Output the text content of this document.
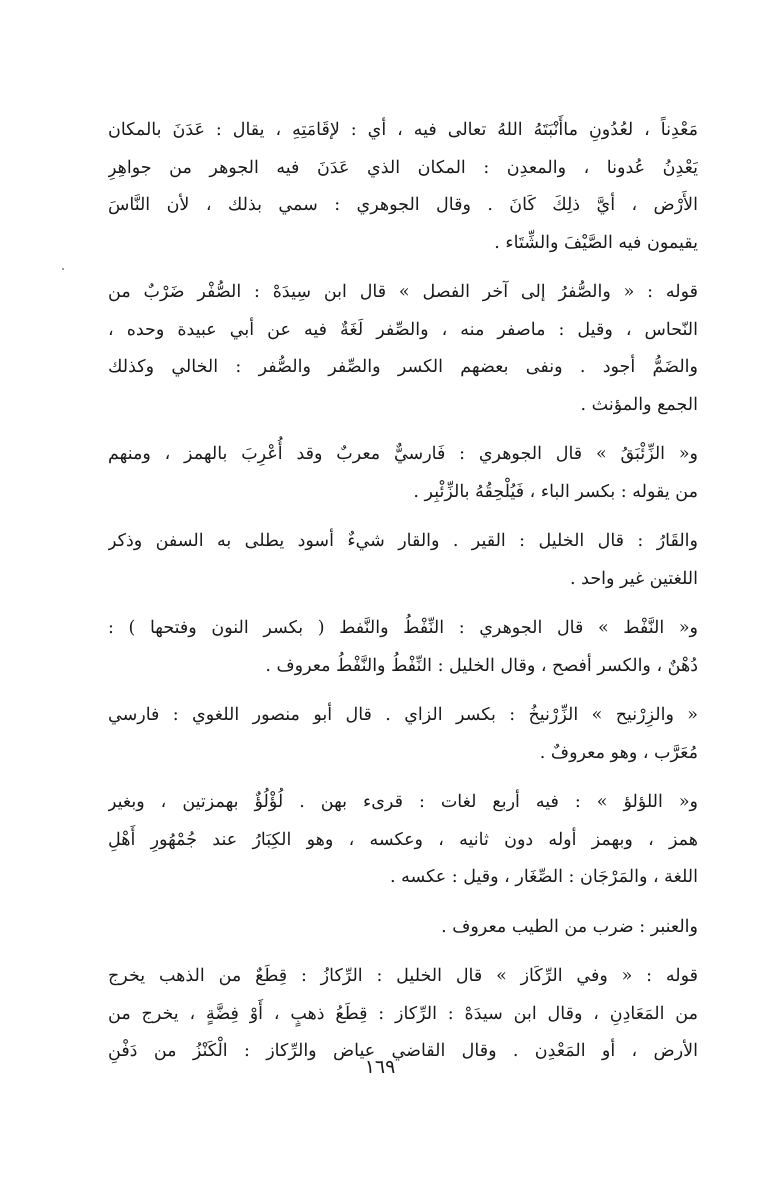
مَعْدِناً ، لعُدُونِ ماأَنْبَتَهُ اللهُ تعالى فيه ، أي : لإقَامَتِهِ ، يقال : عَدَنَ بالمكان
يَعْدِنُ عُدونا ، والمعدِن : المكان الذي عَدَنَ فيه الجوهر من جواهِرِ
الأَرْض ، أيَّ ذلِكَ كَانَ . وقال الجوهري : سمي بذلك ، لأن النَّاسَ
يقيمون فيه الصَّيْفَ والشِّتَاء .

قوله : « والصُّفرُ إلى آخر الفصل » قال ابن سِيدَهْ : الصُّفْر ضَرْبٌ من
النّحاس ، وقيل : ماصفر منه ، والصِّفر لَغَةٌ فيه عن أبي عبيدة وحده ،
والضَمُّ أجود . ونفى بعضهم الكسر والصِّفر والصُّفر : الخالي وكذلك
الجمع والمؤنث .

و« الزِّئْبَقُ » قال الجوهري : فَارسيٌّ معربٌ وقد أُعْرِبَ بالهمز ، ومنهم
من يقوله : بكسر الباء ، فَيُلْحِقُهُ بالزِّئْبِر .

والقَارُ : قال الخليل : القير . والقار شيءٌ أسود يطلى به السفن وذكر
اللغتين غير واحد .

و« النَّفْط » قال الجوهري : النِّفْطُ والنَّفط ( بكسر النون وفتحها ) :
دُهْنٌ ، والكسر أفصح ، وقال الخليل : النِّفْطُ والنَّفْطُ معروف .

« والزِرْنيح » الزِّرْنيخُ : بكسر الزاي . قال أبو منصور اللغوي : فارسي
مُعَرَّب ، وهو معروفٌ .

و« اللؤلؤ » : فيه أربع لغات : قرىء بهن . لُؤْلُؤٌ بهمزتين ، وبغير
همز ، وبهمز أوله دون ثانيه ، وعكسه ، وهو الكِبَارُ عند جُمْهُورِ أَهْلِ
اللغة ، والمَرْجَان : الصِّغَار ، وقيل : عكسه .

والعنبر : ضرب من الطيب معروف .

قوله : « وفي الرِّكَاز » قال الخليل : الرِّكازُ : قِطَعٌ من الذهب يخرج
من المَعَادِنِ ، وقال ابن سيدَهْ : الرِّكاز : قِطَعُ ذهبٍ ، أَوْ فِضَّةٍ ، يخرج من
الأرض ، أو المَعْدِن . وقال القاضي عياض والرِّكاز : الْكَنْزُ من دَفْنِ

١٦٩
